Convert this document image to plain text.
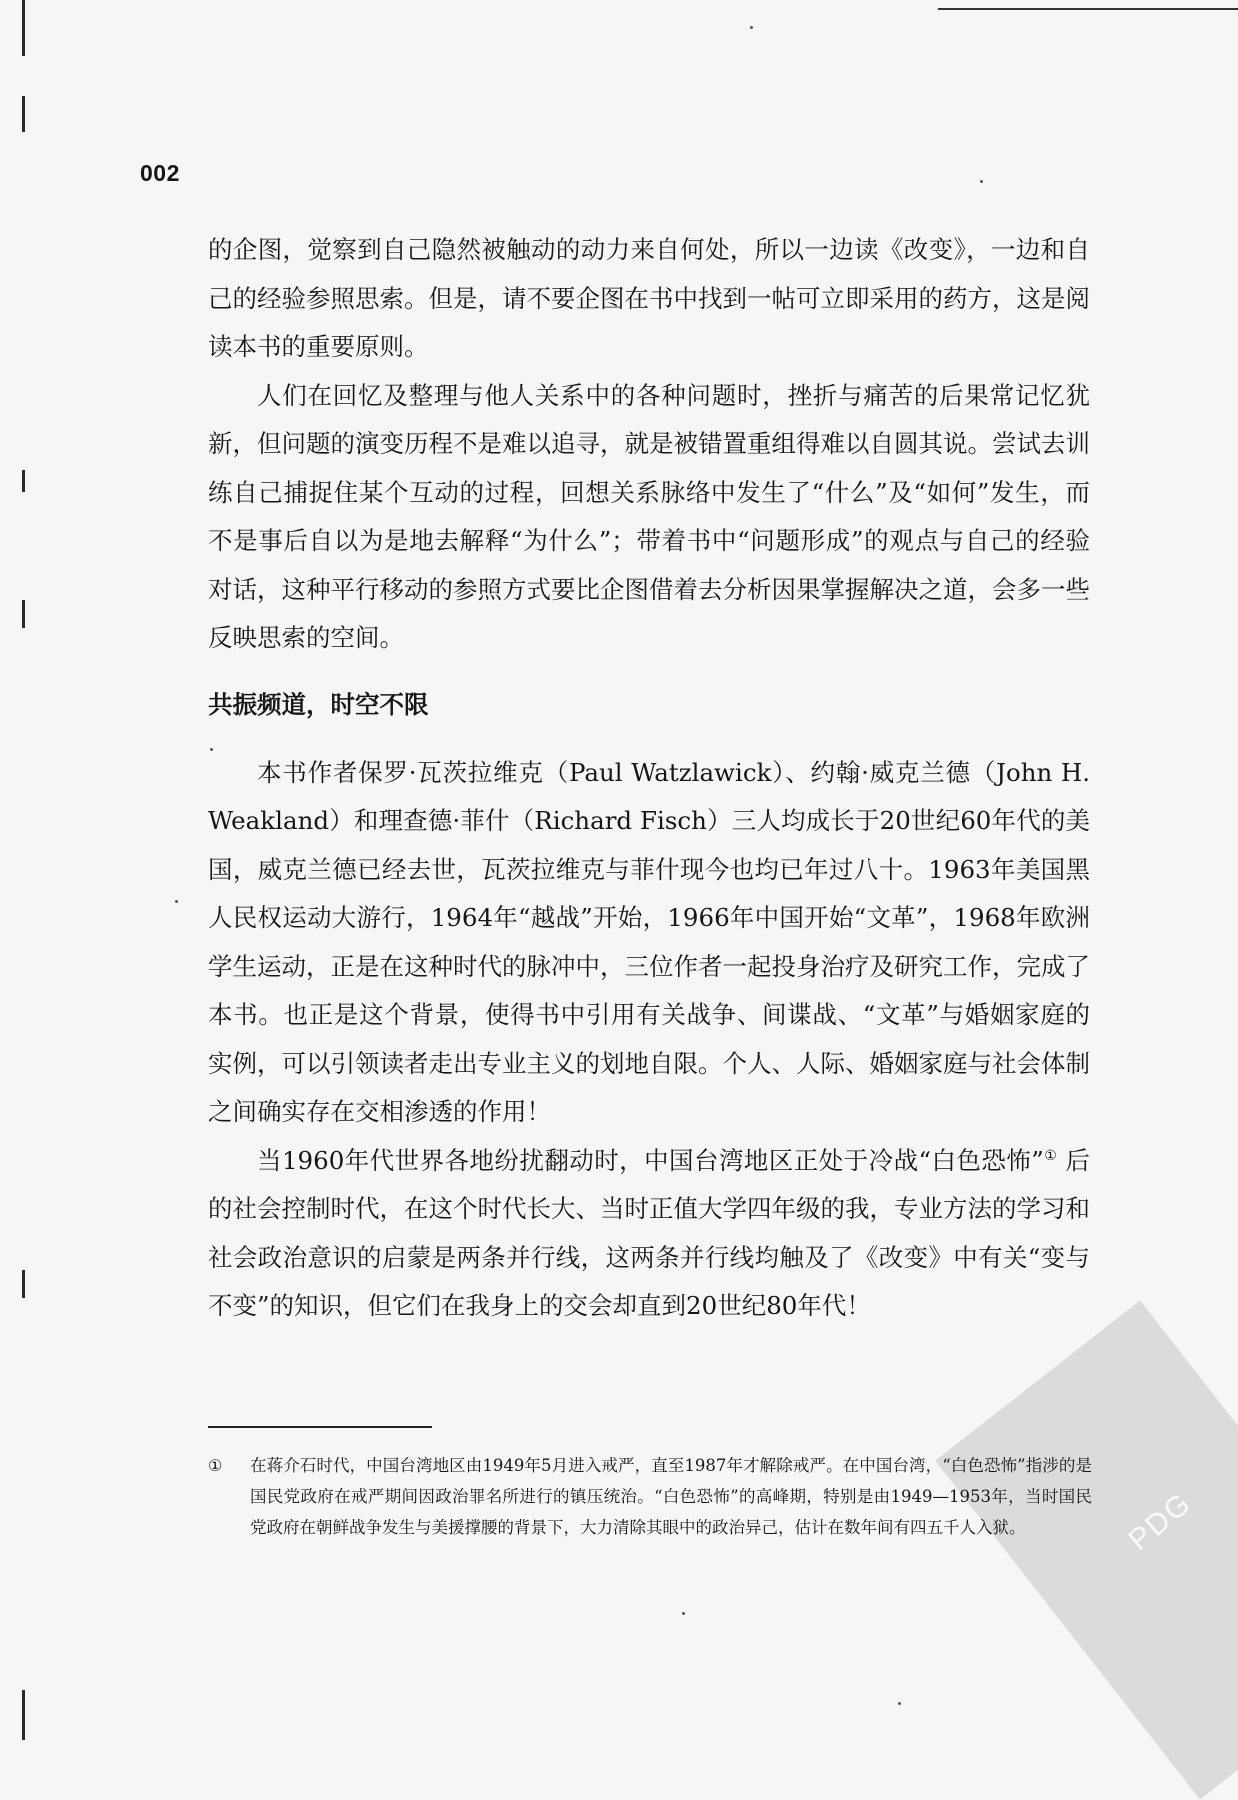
PDG
002

的企图，觉察到自己隐然被触动的动力来自何处，所以一边读《改变》，一边和自己的经验参照思索。但是，请不要企图在书中找到一帖可立即采用的药方，这是阅读本书的重要原则。

人们在回忆及整理与他人关系中的各种问题时，挫折与痛苦的后果常记忆犹新，但问题的演变历程不是难以追寻，就是被错置重组得难以自圆其说。尝试去训练自己捕捉住某个互动的过程，回想关系脉络中发生了“什么”及“如何”发生，而不是事后自以为是地去解释“为什么”；带着书中“问题形成”的观点与自己的经验对话，这种平行移动的参照方式要比企图借着去分析因果掌握解决之道，会多一些反映思索的空间。

共振频道，时空不限

本书作者保罗·瓦茨拉维克（Paul Watzlawick）、约翰·威克兰德（John H. Weakland）和理查德·菲什（Richard Fisch）三人均成长于20世纪60年代的美国，威克兰德已经去世，瓦茨拉维克与菲什现今也均已年过八十。1963年美国黑人民权运动大游行，1964年“越战”开始，1966年中国开始“文革”，1968年欧洲学生运动，正是在这种时代的脉冲中，三位作者一起投身治疗及研究工作，完成了本书。也正是这个背景，使得书中引用有关战争、间谍战、“文革”与婚姻家庭的实例，可以引领读者走出专业主义的划地自限。个人、人际、婚姻家庭与社会体制之间确实存在交相渗透的作用！

当1960年代世界各地纷扰翻动时，中国台湾地区正处于冷战“白色恐怖”① 后的社会控制时代，在这个时代长大、当时正值大学四年级的我，专业方法的学习和社会政治意识的启蒙是两条并行线，这两条并行线均触及了《改变》中有关“变与不变”的知识，但它们在我身上的交会却直到20世纪80年代！

① 在蒋介石时代，中国台湾地区由1949年5月进入戒严，直至1987年才解除戒严。在中国台湾，“白色恐怖”指涉的是国民党政府在戒严期间因政治罪名所进行的镇压统治。“白色恐怖”的高峰期，特别是由1949—1953年，当时国民党政府在朝鲜战争发生与美援撑腰的背景下，大力清除其眼中的政治异己，估计在数年间有四五千人入狱。
